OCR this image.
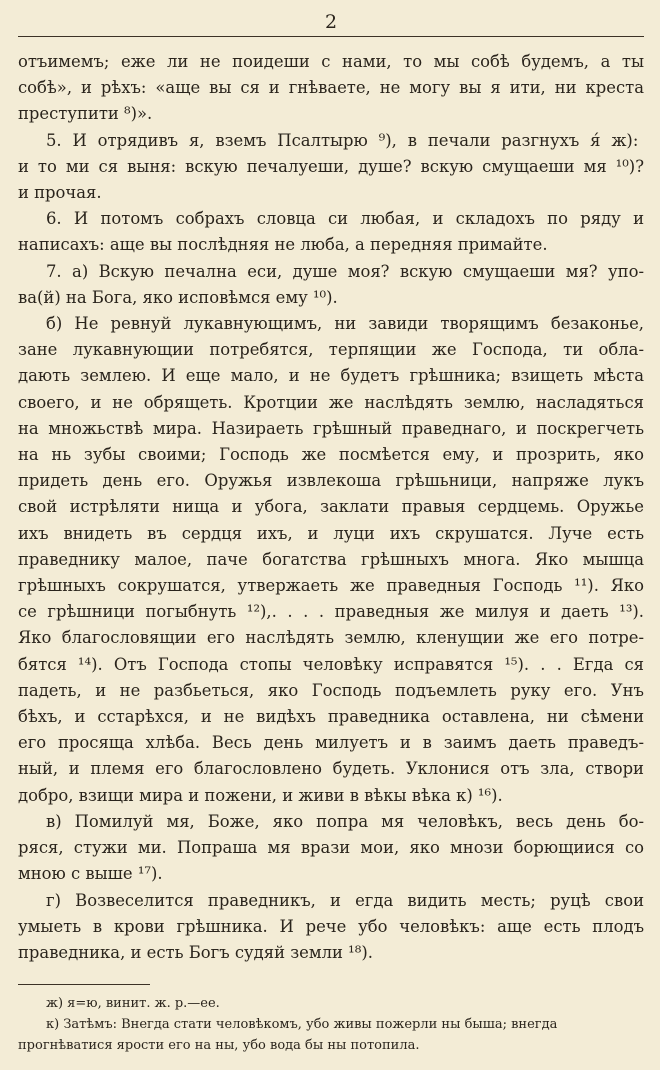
2
отъимемъ; еже ли не поидеши с нами, то мы собѣ будемъ, а ты
собѣ», и рѣхъ: «аще вы ся и гнѣваете, не могу вы я ити, ни креста
преступити ⁸)».
5. И отрядивъ я, вземъ Псалтырю ⁹), в печали разгнухъ я́ ж):
и то ми ся выня: вскую печалуеши, душе? вскую смущаеши мя ¹⁰)?
и прочая.
6. И потомъ собрахъ словца си любая, и складохъ по ряду и
написахъ: аще вы послѣдняя не люба, а передняя примайте.
7. а) Вскую печална еси, душе моя? вскую смущаеши мя? упо-
ва(й) на Бога, яко исповѣмся ему ¹⁰).
б) Не ревнуй лукавнующимъ, ни завиди творящимъ безаконье,
зане лукавнующии потребятся, терпящии же Господа, ти обла-
дають землею. И еще мало, и не будетъ грѣшника; взищеть мѣста
своего, и не обрящеть. Кротции же наслѣдять землю, насладяться
на множьствѣ мира. Назираеть грѣшный праведнаго, и поскрегчеть
на нь зубы своими; Господь же посмѣется ему, и прозрить, яко
придеть день его. Оружья извлекоша грѣшьници, напряже лукъ
свой истрѣляти нища и убога, заклати правыя сердцемь. Оружье
ихъ внидеть въ сердця ихъ, и луци ихъ скрушатся. Луче есть
праведнику малое, паче богатства грѣшныхъ многа. Яко мышца
грѣшныхъ сокрушатся, утвержаеть же праведныя Господь ¹¹). Яко
се грѣшници погыбнуть ¹²),. . . . праведныя же милуя и даеть ¹³).
Яко благословящии его наслѣдять землю, кленущии же его потре-
бятся ¹⁴). Отъ Господа стопы человѣку исправятся ¹⁵). . . Егда ся
падеть, и не разбьеться, яко Господь подъемлеть руку его. Унъ
бѣхъ, и сстарѣхся, и не видѣхъ праведника оставлена, ни сѣмени
его просяща хлѣба. Весь день милуетъ и в заимъ даеть праведъ-
ный, и племя его благословлено будеть. Уклонися отъ зла, створи
добро, взищи мира и пожени, и живи в вѣкы вѣка к) ¹⁶).
в) Помилуй мя, Боже, яко попра мя человѣкъ, весь день бо-
ряся, стужи ми. Попраша мя врази мои, яко мнози борющиися со
мною с выше ¹⁷).
г) Возвеселится праведникъ, и егда видить месть; руцѣ свои
умыеть в крови грѣшника. И рече убо человѣкъ: аще есть плодъ
праведника, и есть Богъ судяй земли ¹⁸).
ж) я=ю, винит. ж. р.—ее.
к) Затѣмъ: Внегда стати человѣкомъ, убо живы пожерли ны быша; внегда
прогнѣватися ярости его на ны, убо вода бы ны потопила.
